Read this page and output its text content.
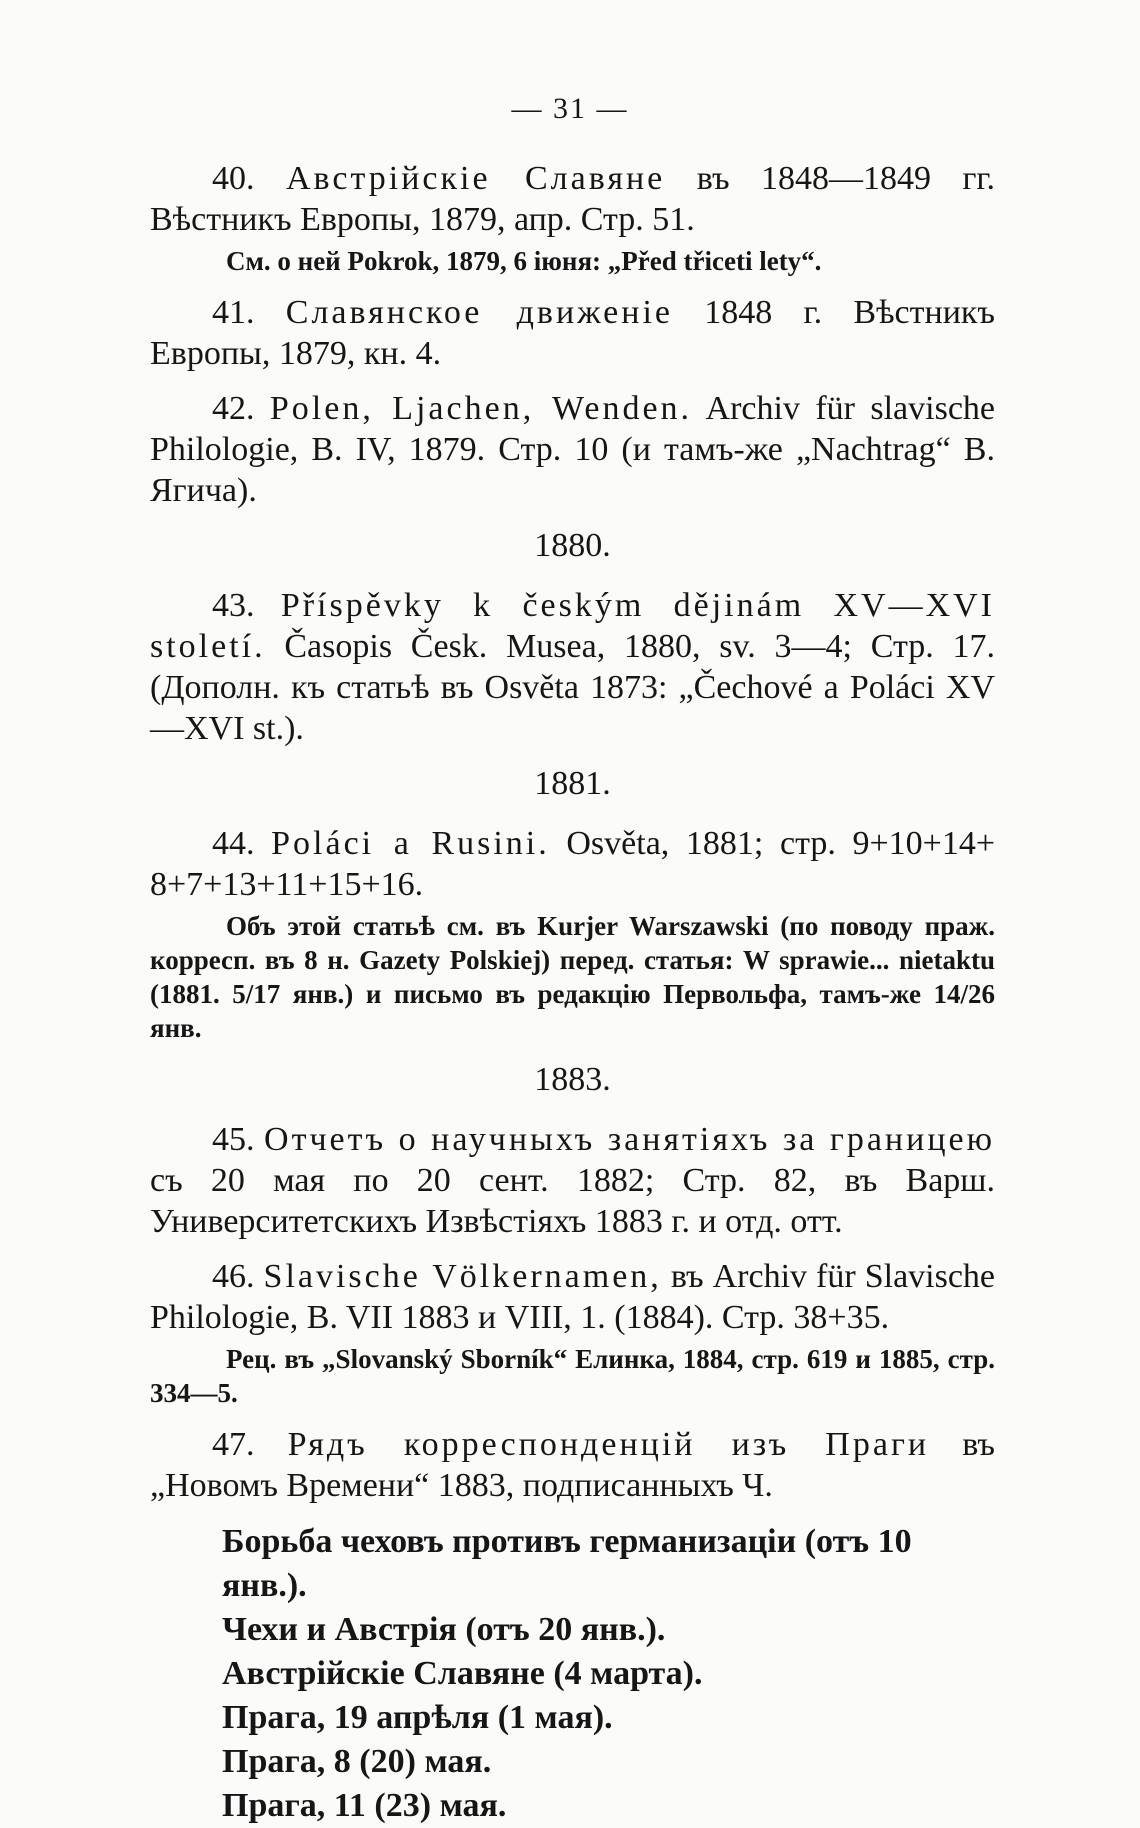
— 31 —

40. Австрійскіе Славяне въ 1848—1849 гг. Вѣстникъ Европы, 1879, апр. Стр. 51.

См. о ней Pokrok, 1879, 6 іюня: „Před třiceti lety“.

41. Славянское движеніе 1848 г. Вѣстникъ Европы, 1879, кн. 4.

42. Polen, Ljachen, Wenden. Archiv für slavische Philologie, B. IV, 1879. Стр. 10 (и тамъ-же „Nachtrag“ В. Ягича).

1880.

43. Příspěvky k českým dějinám XV—XVI století. Časopis Česk. Musea, 1880, sv. 3—4; Стр. 17. (Дополн. къ статьѣ въ Osvěta 1873: „Čechové a Poláci XV—XVI st.).

1881.

44. Poláci a Rusini. Osvěta, 1881; стр. 9+10+14+ 8+7+13+11+15+16.

Объ этой статьѣ см. въ Kurjer Warszawski (по поводу праж. корресп. въ 8 н. Gazety Polskiej) перед. статья: W sprawie... nietaktu (1881. 5/17 янв.) и письмо въ редакцію Первольфа, тамъ-же 14/26 янв.

1883.

45. Отчетъ о научныхъ занятіяхъ за границею съ 20 мая по 20 сент. 1882; Стр. 82, въ Варш. Университетскихъ Извѣстіяхъ 1883 г. и отд. отт.

46. Slavische Völkernamen, въ Archiv für Slavische Philologie, B. VII 1883 и VIII, 1. (1884). Стр. 38+35.

Рец. въ „Slovanský Sborník“ Елинка, 1884, стр. 619 и 1885, стр. 334—5.

47. Рядъ корреспонденцій изъ Праги въ „Новомъ Времени“ 1883, подписанныхъ Ч.

Борьба чеховъ противъ германизаціи (отъ 10 янв.).
Чехи и Австрія (отъ 20 янв.).
Австрійскіе Славяне (4 марта).
Прага, 19 апрѣля (1 мая).
Прага, 8 (20) мая.
Прага, 11 (23) мая.
